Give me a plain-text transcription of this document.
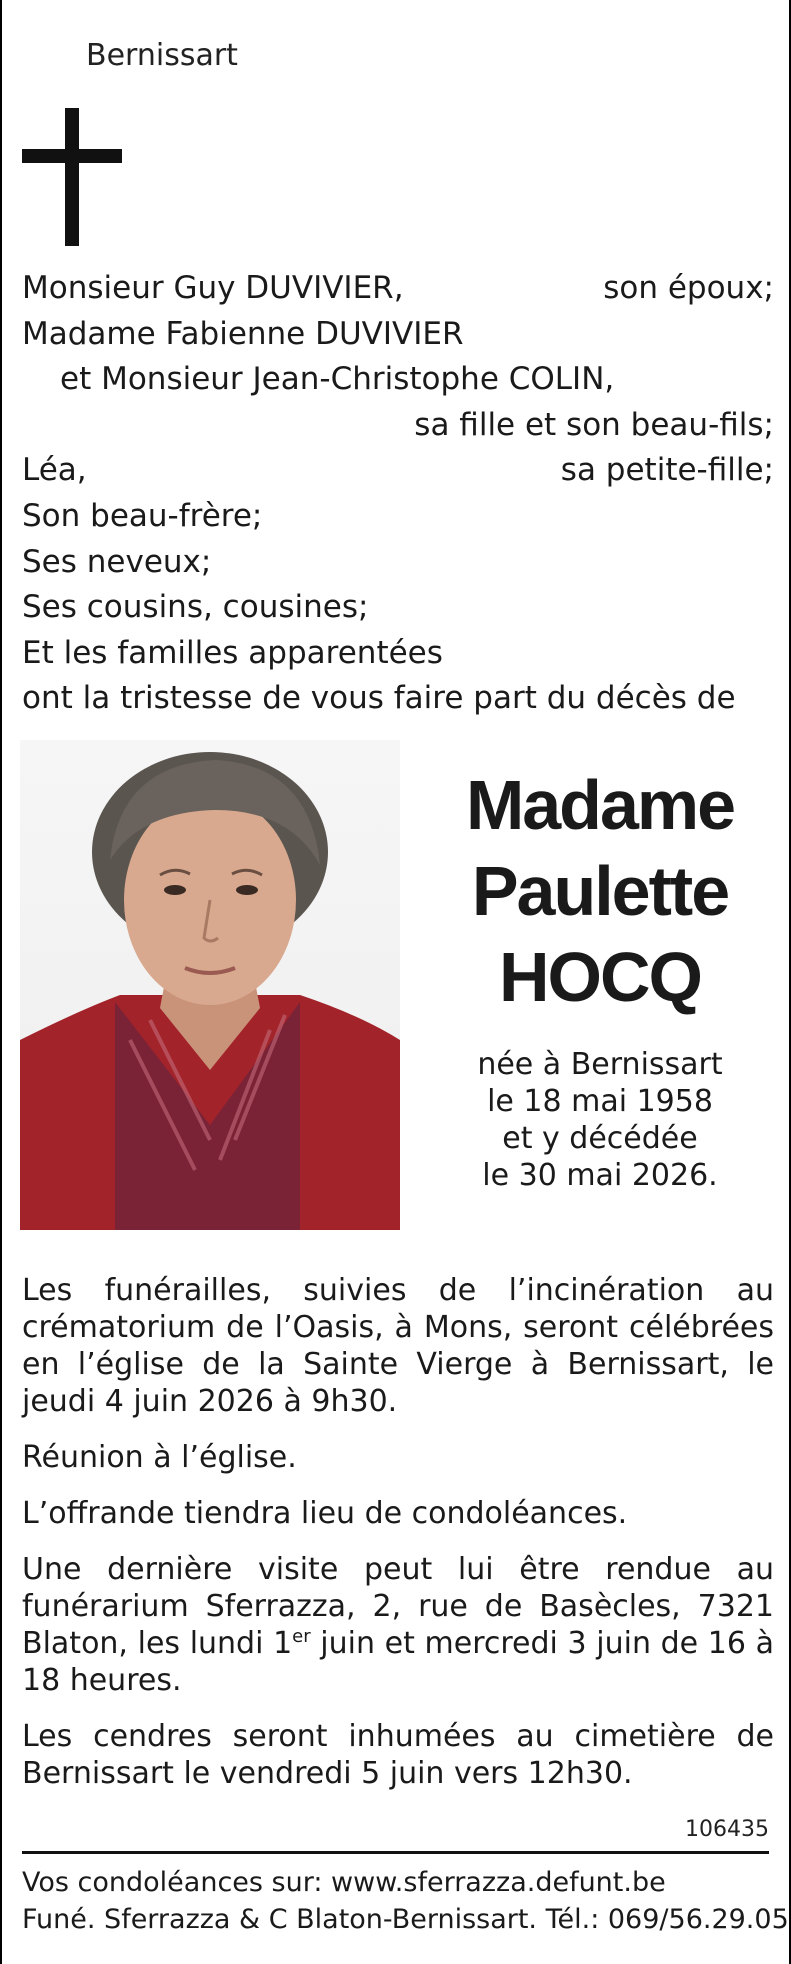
Bernissart
Monsieur Guy DUVIVIER,	son époux;
Madame Fabienne DUVIVIER
et Monsieur Jean-Christophe COLIN,
sa fille et son beau-fils;
Léa,	sa petite-fille;
Son beau-frère;
Ses neveux;
Ses cousins, cousines;
Et les familles apparentées
ont la tristesse de vous faire part du décès de
Madame
Paulette
HOCQ
née à Bernissart
le 18 mai 1958
et y décédée
le 30 mai 2026.

Les funérailles, suivies de l’incinération au crématorium de l’Oasis, à Mons, seront célébrées en l’église de la Sainte Vierge à Bernissart, le jeudi 4 juin 2026 à 9h30.

Réunion à l’église.

L’offrande tiendra lieu de condoléances.

Une dernière visite peut lui être rendue au funérarium Sferrazza, 2, rue de Basècles, 7321 Blaton, les lundi 1er juin et mercredi 3 juin de 16 à 18 heures.

Les cendres seront inhumées au cimetière de Bernissart le vendredi 5 juin vers 12h30.

106435
Vos condoléances sur: www.sferrazza.defunt.be
Funé. Sferrazza & C Blaton-Bernissart. Tél.: 069/56.29.05
